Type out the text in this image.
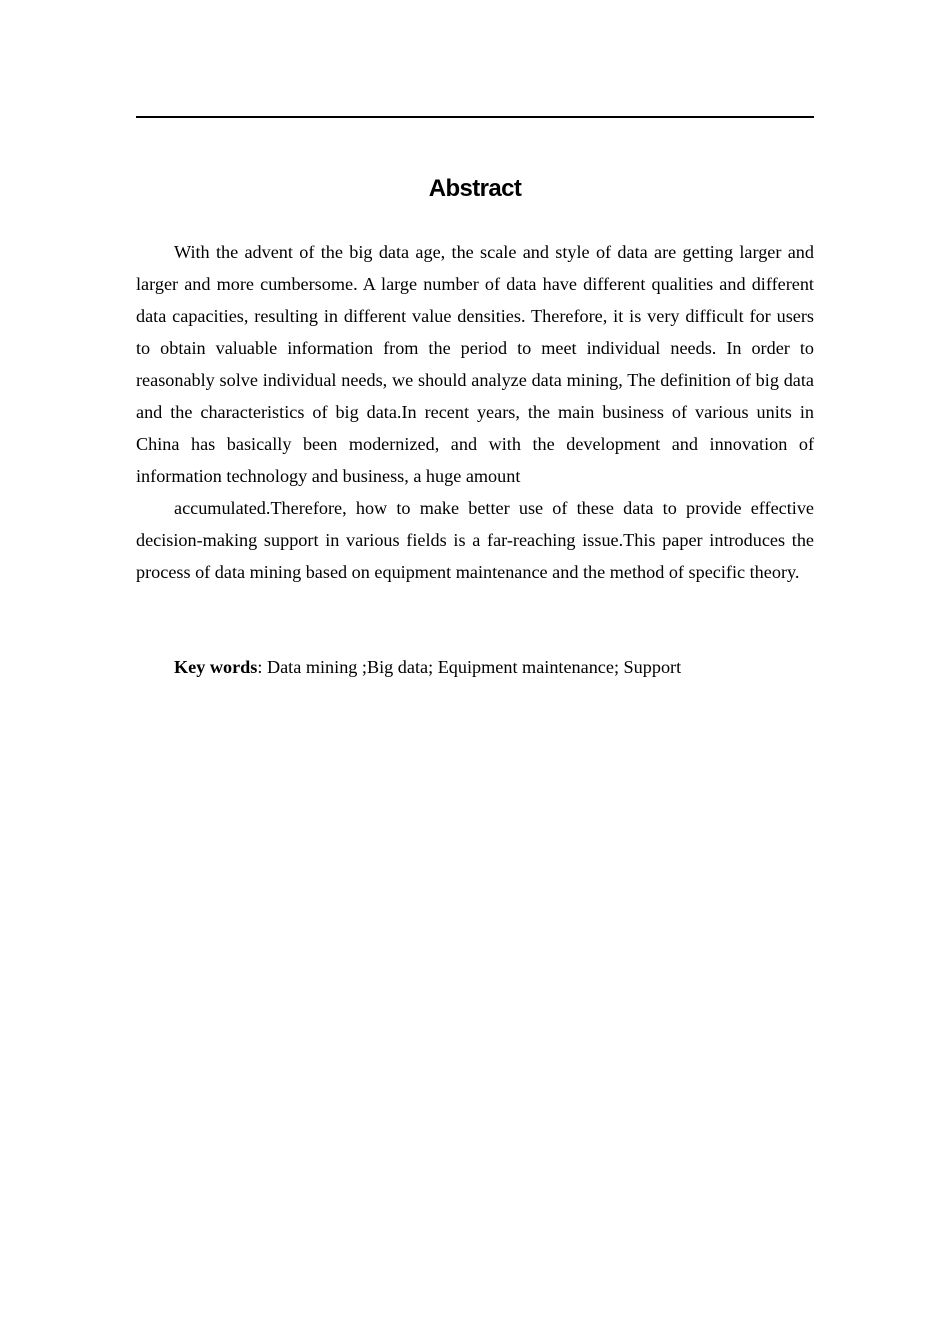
Abstract

With the advent of the big data age, the scale and style of data are getting larger and larger and more cumbersome. A large number of data have different qualities and different data capacities, resulting in different value densities. Therefore, it is very difficult for users to obtain valuable information from the period to meet individual needs. In order to reasonably solve individual needs, we should analyze data mining, The definition of big data and the characteristics of big data.In recent years, the main business of various units in China has basically been modernized, and with the development and innovation of information technology and business, a huge amount

accumulated.Therefore, how to make better use of these data to provide effective decision-making support in various fields is a far-reaching issue.This paper introduces the process of data mining based on equipment maintenance and the method of specific theory.

Key words: Data mining ;Big data; Equipment maintenance; Support
